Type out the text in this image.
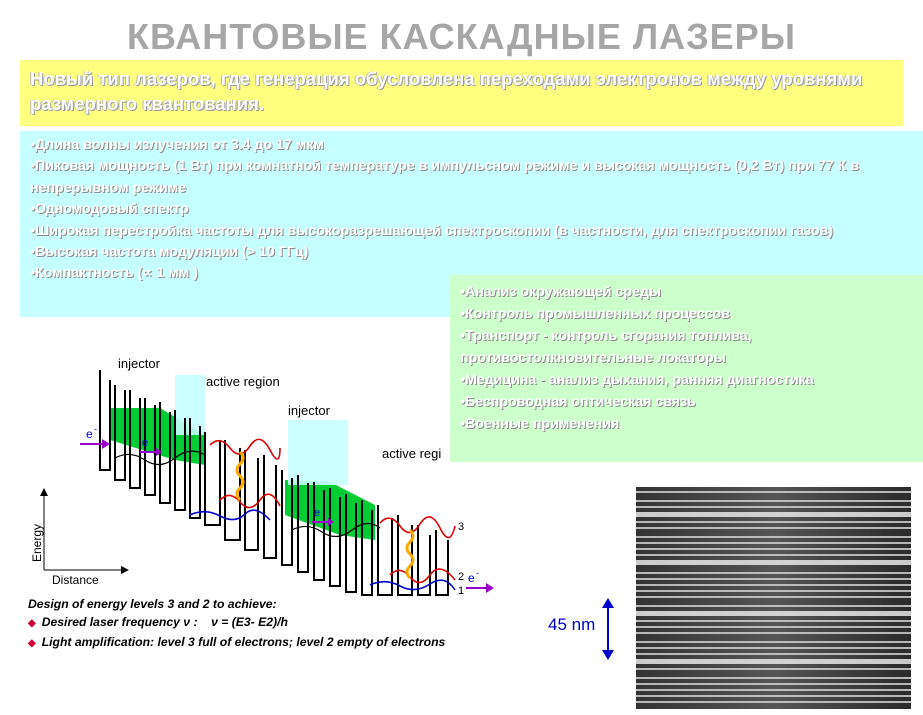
КВАНТОВЫЕ КАСКАДНЫЕ ЛАЗЕРЫ
Новый тип лазеров, где генерация обусловлена переходами электронов между уровнями размерного квантования.
•Длина волны излучения от 3.4 до 17 мкм
•Пиковая мощность (1 Вт) при комнатной температуре в импульсном режиме и высокая мощность (0,2 Вт) при 77 К в непрерывном режиме
•Одномодовый спектр
•Широкая перестройка частоты для высокоразрешающей спектроскопии (в частности, для спектроскопии газов)
•Высокая частота модуляции (> 10 ГГц)
•Компактность (∝ 1 мм )
injector
active region
injector
active regi
e -
e
e
e -
3
2
1
Energy
Distance
•Анализ окружающей среды
•Контроль промышленных процессов
•Транспорт - контроль сгорания топлива, противостолкновительные локаторы
•Медицина - анализ дыхания, ранняя диагностика
•Беспроводная оптическая связь
•Военные применения
Design of energy levels 3 and 2 to achieve:
◆ Desired laser frequency ν : ν = (E3- E2)/h
◆ Light amplification: level 3 full of electrons; level 2 empty of electrons
45 nm
